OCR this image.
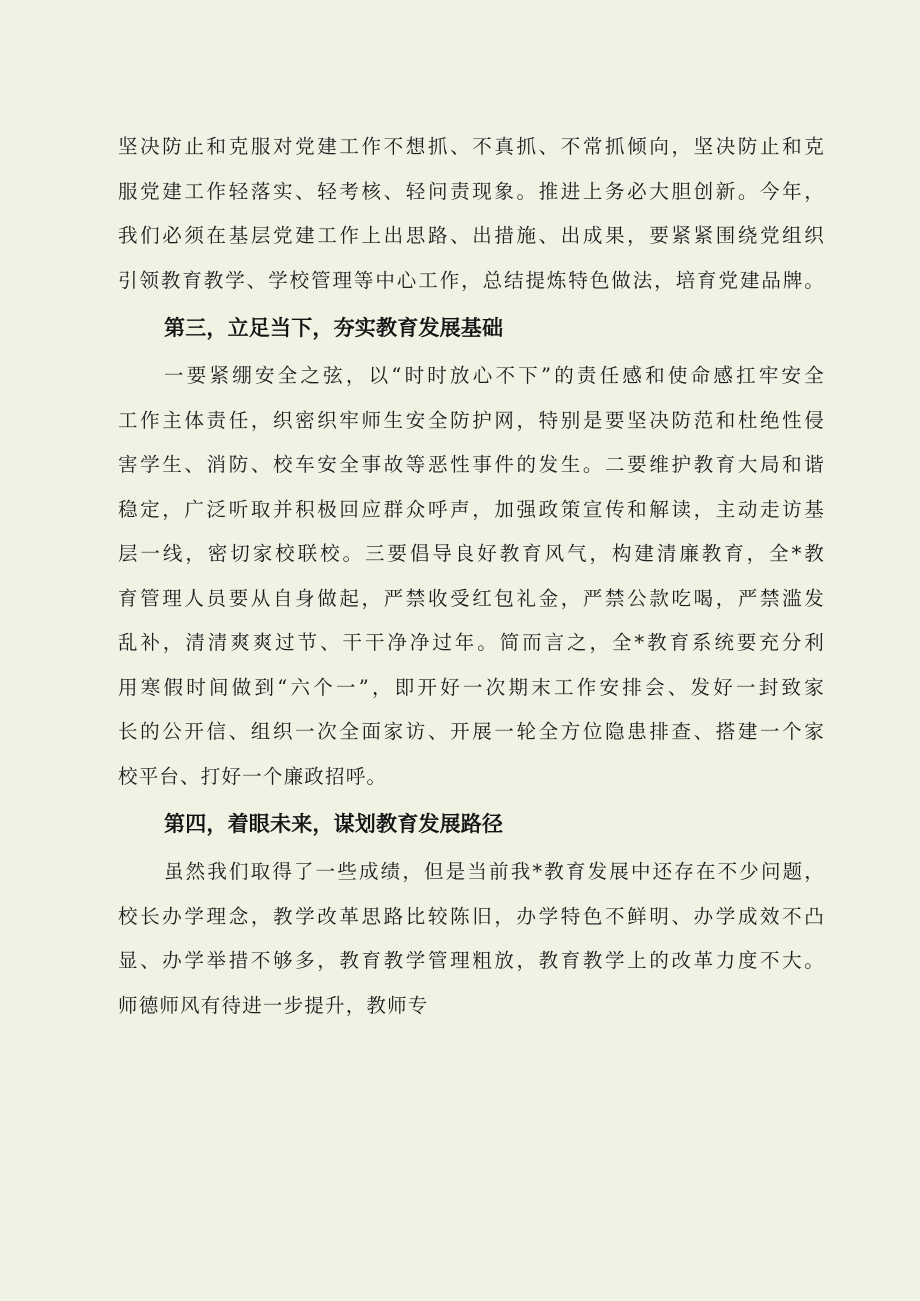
坚决防止和克服对党建工作不想抓、不真抓、不常抓倾向，坚决防止和克

服党建工作轻落实、轻考核、轻问责现象。推进上务必大胆创新。今年，

我们必须在基层党建工作上出思路、出措施、出成果，要紧紧围绕党组织

引领教育教学、学校管理等中心工作，总结提炼特色做法，培育党建品牌。

第三，立足当下，夯实教育发展基础

一要紧绷安全之弦，以“时时放心不下”的责任感和使命感扛牢安全

工作主体责任，织密织牢师生安全防护网，特别是要坚决防范和杜绝性侵

害学生、消防、校车安全事故等恶性事件的发生。二要维护教育大局和谐

稳定，广泛听取并积极回应群众呼声，加强政策宣传和解读，主动走访基

层一线，密切家校联校。三要倡导良好教育风气，构建清廉教育，全*教

育管理人员要从自身做起，严禁收受红包礼金，严禁公款吃喝，严禁滥发

乱补，清清爽爽过节、干干净净过年。简而言之，全*教育系统要充分利

用寒假时间做到“六个一”，即开好一次期末工作安排会、发好一封致家

长的公开信、组织一次全面家访、开展一轮全方位隐患排查、搭建一个家

校平台、打好一个廉政招呼。

第四，着眼未来，谋划教育发展路径

虽然我们取得了一些成绩，但是当前我*教育发展中还存在不少问题，

校长办学理念，教学改革思路比较陈旧，办学特色不鲜明、办学成效不凸

显、办学举措不够多，教育教学管理粗放，教育教学上的改革力度不大。

师德师风有待进一步提升，教师专
